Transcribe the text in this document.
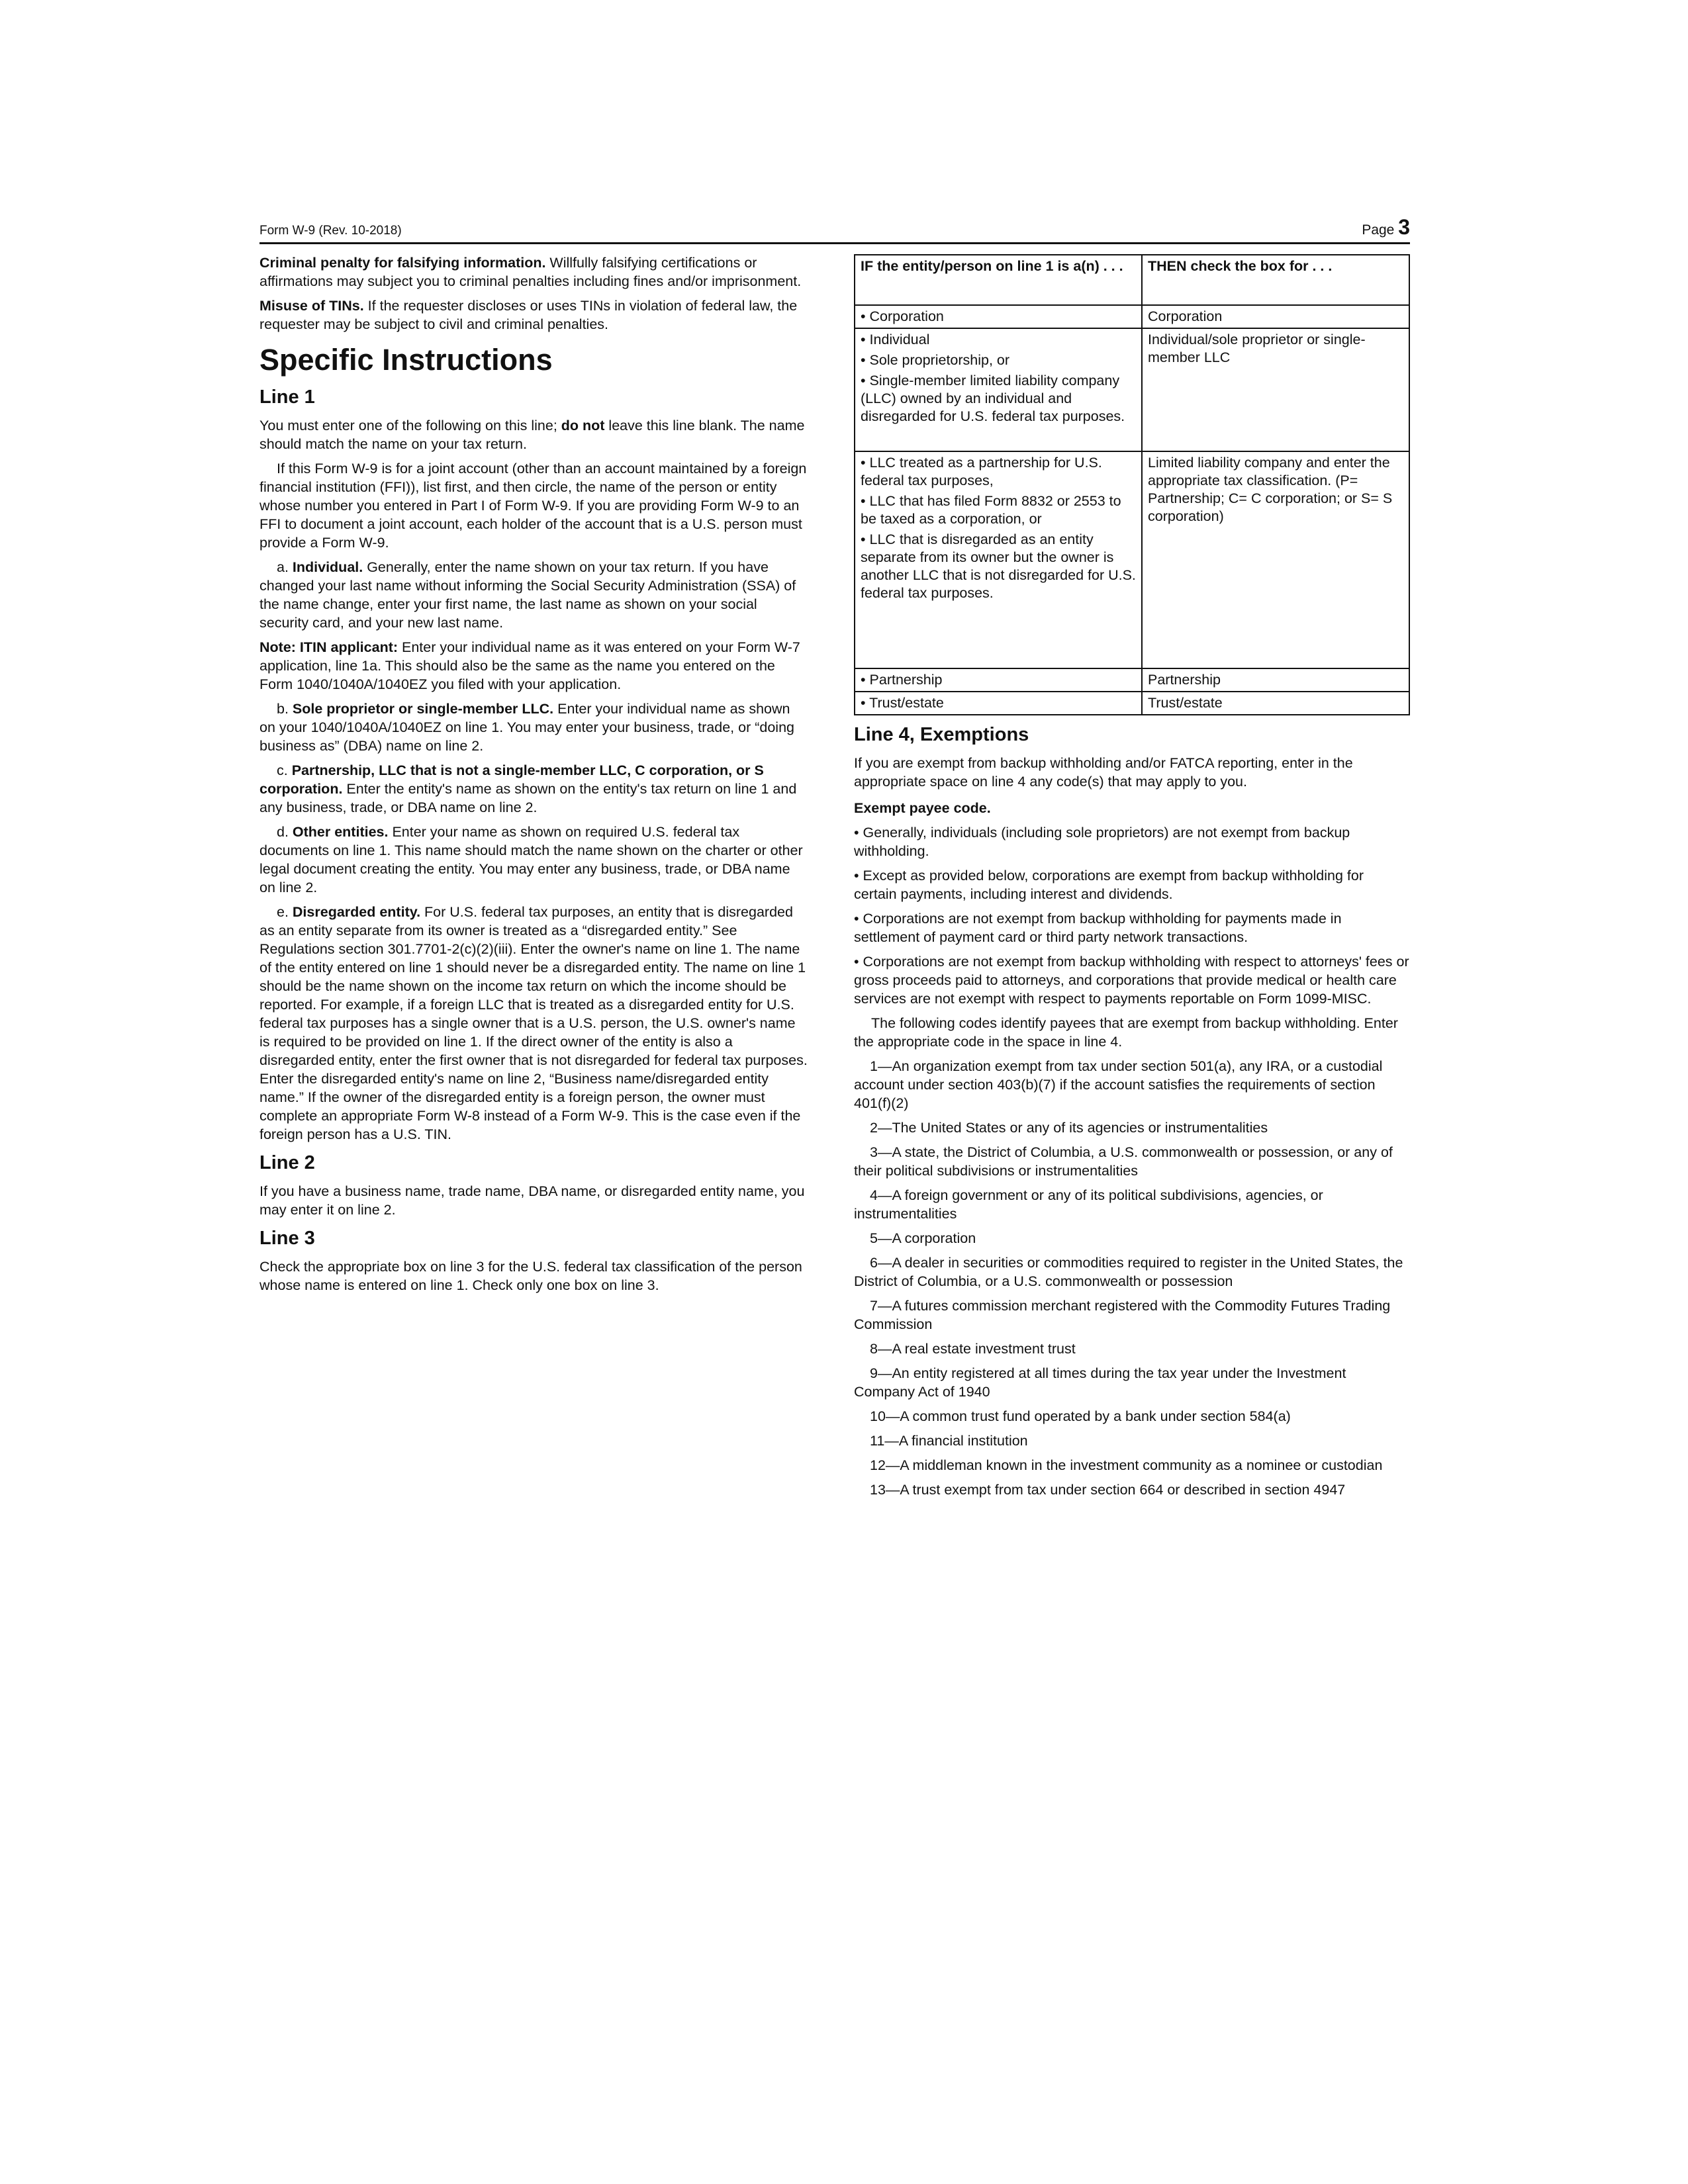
Form W-9 (Rev. 10-2018)	Page 3

Criminal penalty for falsifying information. Willfully falsifying certifications or affirmations may subject you to criminal penalties including fines and/or imprisonment.

Misuse of TINs. If the requester discloses or uses TINs in violation of federal law, the requester may be subject to civil and criminal penalties.

Specific Instructions
Line 1

You must enter one of the following on this line; do not leave this line blank. The name should match the name on your tax return.

If this Form W-9 is for a joint account (other than an account maintained by a foreign financial institution (FFI)), list first, and then circle, the name of the person or entity whose number you entered in Part I of Form W-9. If you are providing Form W-9 to an FFI to document a joint account, each holder of the account that is a U.S. person must provide a Form W-9.

a. Individual. Generally, enter the name shown on your tax return. If you have changed your last name without informing the Social Security Administration (SSA) of the name change, enter your first name, the last name as shown on your social security card, and your new last name.

Note: ITIN applicant: Enter your individual name as it was entered on your Form W-7 application, line 1a. This should also be the same as the name you entered on the Form 1040/1040A/1040EZ you filed with your application.

b. Sole proprietor or single-member LLC. Enter your individual name as shown on your 1040/1040A/1040EZ on line 1. You may enter your business, trade, or “doing business as” (DBA) name on line 2.

c. Partnership, LLC that is not a single-member LLC, C corporation, or S corporation. Enter the entity's name as shown on the entity's tax return on line 1 and any business, trade, or DBA name on line 2.

d. Other entities. Enter your name as shown on required U.S. federal tax documents on line 1. This name should match the name shown on the charter or other legal document creating the entity. You may enter any business, trade, or DBA name on line 2.

e. Disregarded entity. For U.S. federal tax purposes, an entity that is disregarded as an entity separate from its owner is treated as a “disregarded entity.” See Regulations section 301.7701-2(c)(2)(iii). Enter the owner's name on line 1. The name of the entity entered on line 1 should never be a disregarded entity. The name on line 1 should be the name shown on the income tax return on which the income should be reported. For example, if a foreign LLC that is treated as a disregarded entity for U.S. federal tax purposes has a single owner that is a U.S. person, the U.S. owner's name is required to be provided on line 1. If the direct owner of the entity is also a disregarded entity, enter the first owner that is not disregarded for federal tax purposes. Enter the disregarded entity's name on line 2, “Business name/disregarded entity name.” If the owner of the disregarded entity is a foreign person, the owner must complete an appropriate Form W-8 instead of a Form W-9. This is the case even if the foreign person has a U.S. TIN.

Line 2

If you have a business name, trade name, DBA name, or disregarded entity name, you may enter it on line 2.

Line 3

Check the appropriate box on line 3 for the U.S. federal tax classification of the person whose name is entered on line 1. Check only one box on line 3.

IF the entity/person on line 1 is a(n) . . .	THEN check the box for . . .
• Corporation	Corporation

• Individual
• Sole proprietorship, or
• Single-member limited liability company (LLC) owned by an individual and disregarded for U.S. federal tax purposes.	Individual/sole proprietor or single-member LLC

• LLC treated as a partnership for U.S. federal tax purposes,
• LLC that has filed Form 8832 or 2553 to be taxed as a corporation, or
• LLC that is disregarded as an entity separate from its owner but the owner is another LLC that is not disregarded for U.S. federal tax purposes.	Limited liability company and enter the appropriate tax classification. (P= Partnership; C= C corporation; or S= S corporation)
• Partnership	Partnership
• Trust/estate	Trust/estate
Line 4, Exemptions

If you are exempt from backup withholding and/or FATCA reporting, enter in the appropriate space on line 4 any code(s) that may apply to you.

Exempt payee code.

• Generally, individuals (including sole proprietors) are not exempt from backup withholding.

• Except as provided below, corporations are exempt from backup withholding for certain payments, including interest and dividends.

• Corporations are not exempt from backup withholding for payments made in settlement of payment card or third party network transactions.

• Corporations are not exempt from backup withholding with respect to attorneys' fees or gross proceeds paid to attorneys, and corporations that provide medical or health care services are not exempt with respect to payments reportable on Form 1099-MISC.

The following codes identify payees that are exempt from backup withholding. Enter the appropriate code in the space in line 4.

1—An organization exempt from tax under section 501(a), any IRA, or a custodial account under section 403(b)(7) if the account satisfies the requirements of section 401(f)(2)

2—The United States or any of its agencies or instrumentalities

3—A state, the District of Columbia, a U.S. commonwealth or possession, or any of their political subdivisions or instrumentalities

4—A foreign government or any of its political subdivisions, agencies, or instrumentalities

5—A corporation

6—A dealer in securities or commodities required to register in the United States, the District of Columbia, or a U.S. commonwealth or possession

7—A futures commission merchant registered with the Commodity Futures Trading Commission

8—A real estate investment trust

9—An entity registered at all times during the tax year under the Investment Company Act of 1940

10—A common trust fund operated by a bank under section 584(a)

11—A financial institution

12—A middleman known in the investment community as a nominee or custodian

13—A trust exempt from tax under section 664 or described in section 4947
